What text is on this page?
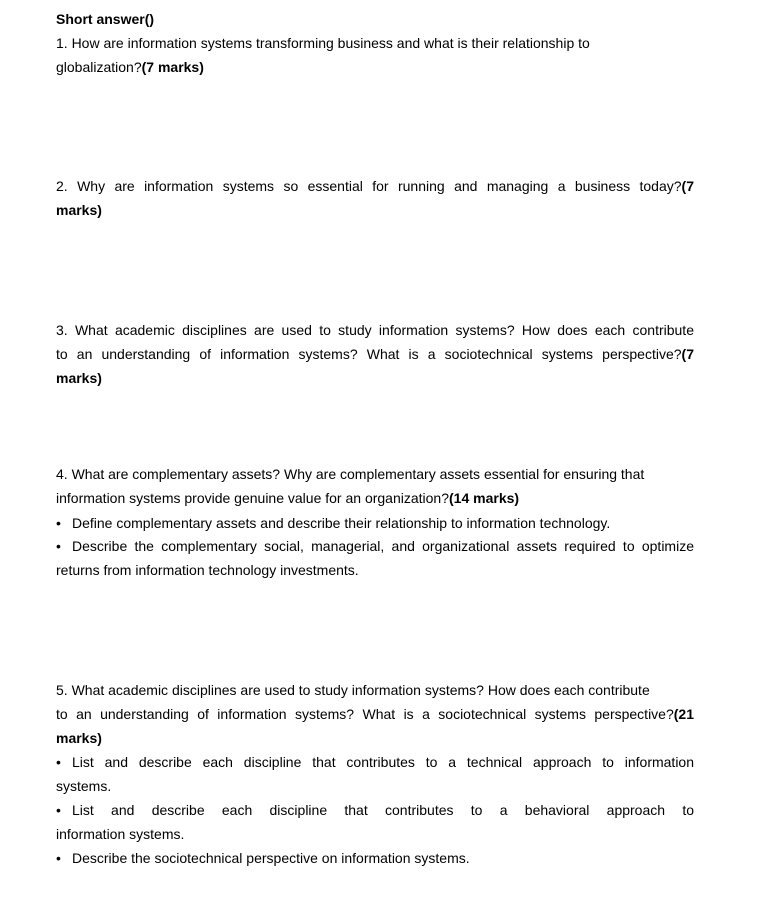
Short answer()
1. How are information systems transforming business and what is their relationship to
globalization?(7 marks)
2. Why are information systems so essential for running and managing a business today?(7
marks)
3. What academic disciplines are used to study information systems? How does each contribute
to an understanding of information systems? What is a sociotechnical systems perspective?(7
marks)
4. What are complementary assets? Why are complementary assets essential for ensuring that
information systems provide genuine value for an organization?(14 marks)
• Define complementary assets and describe their relationship to information technology.
• Describe the complementary social, managerial, and organizational assets required to optimize
returns from information technology investments.
5. What academic disciplines are used to study information systems? How does each contribute
to an understanding of information systems? What is a sociotechnical systems perspective?(21
marks)
• List and describe each discipline that contributes to a technical approach to information
systems.
• List and describe each discipline that contributes to a behavioral approach to
information systems.
• Describe the sociotechnical perspective on information systems.
